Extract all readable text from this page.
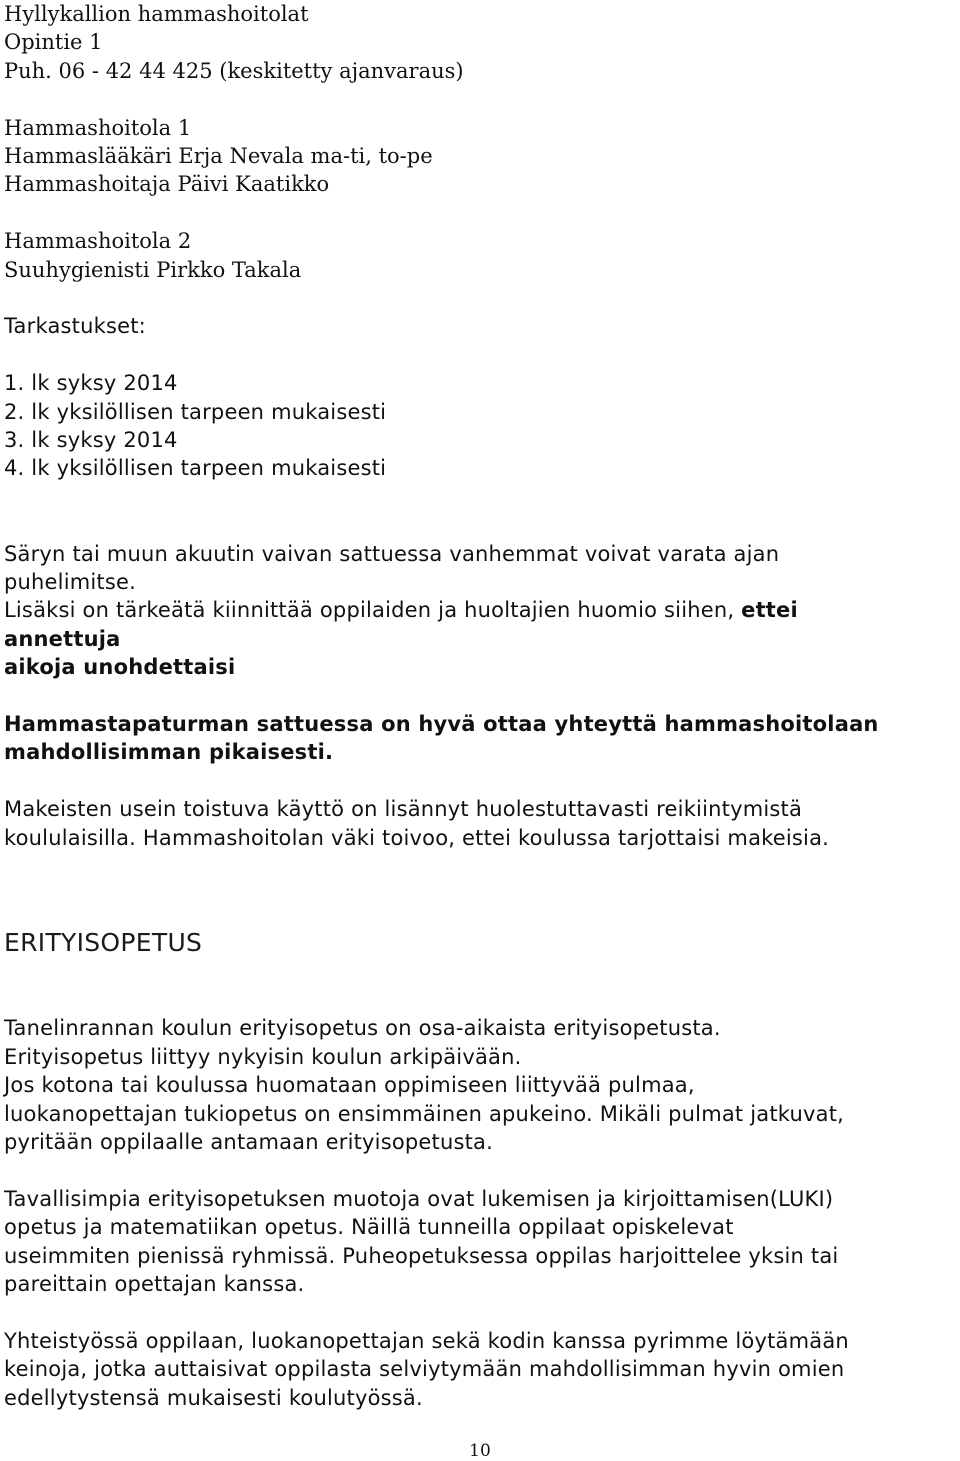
Hyllykallion hammashoitolat
Opintie 1
Puh. 06 - 42 44 425 (keskitetty ajanvaraus)
Hammashoitola 1
Hammaslääkäri Erja Nevala ma-ti, to-pe
Hammashoitaja Päivi Kaatikko
Hammashoitola 2
Suuhygienisti Pirkko Takala
Tarkastukset:
1. lk syksy 2014
2. lk yksilöllisen tarpeen mukaisesti
3. lk syksy 2014
4. lk yksilöllisen tarpeen mukaisesti
Säryn tai muun akuutin vaivan sattuessa vanhemmat voivat varata ajan
puhelimitse.
Lisäksi on tärkeätä kiinnittää oppilaiden ja huoltajien huomio siihen, ettei
annettuja
aikoja unohdettaisi
Hammastapaturman sattuessa on hyvä ottaa yhteyttä hammashoitolaan
mahdollisimman pikaisesti.
Makeisten usein toistuva käyttö on lisännyt huolestuttavasti reikiintymistä
koululaisilla. Hammashoitolan väki toivoo, ettei koulussa tarjottaisi makeisia.
ERITYISOPETUS
Tanelinrannan koulun erityisopetus on osa-aikaista erityisopetusta.
Erityisopetus liittyy nykyisin koulun arkipäivään.
Jos kotona tai koulussa huomataan oppimiseen liittyvää pulmaa,
luokanopettajan tukiopetus on ensimmäinen apukeino. Mikäli pulmat jatkuvat,
pyritään oppilaalle antamaan erityisopetusta.
Tavallisimpia erityisopetuksen muotoja ovat lukemisen ja kirjoittamisen(LUKI)
opetus ja matematiikan opetus. Näillä tunneilla oppilaat opiskelevat
useimmiten pienissä ryhmissä. Puheopetuksessa oppilas harjoittelee yksin tai
pareittain opettajan kanssa.
Yhteistyössä oppilaan, luokanopettajan sekä kodin kanssa pyrimme löytämään
keinoja, jotka auttaisivat oppilasta selviytymään mahdollisimman hyvin omien
edellytystensä mukaisesti koulutyössä.
10
